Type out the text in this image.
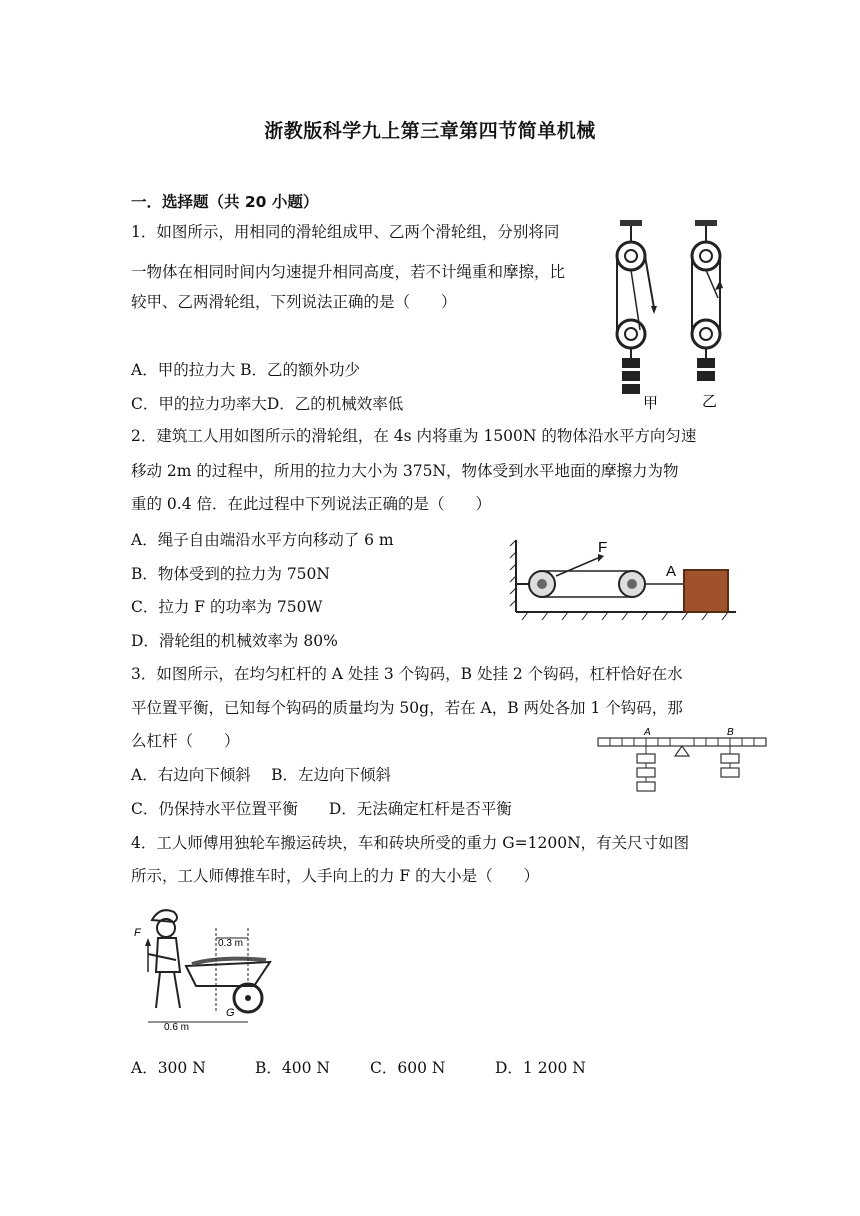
浙教版科学九上第三章第四节简单机械
一．选择题（共 20 小题）
1．如图所示，用相同的滑轮组成甲、乙两个滑轮组，分别将同
一物体在相同时间内匀速提升相同高度，若不计绳重和摩擦，比
较甲、乙两滑轮组，下列说法正确的是（　　）
A．甲的拉力大 B．乙的额外功少
C．甲的拉力功率大D．乙的机械效率低	甲	乙
2．建筑工人用如图所示的滑轮组，在 4s 内将重为 1500N 的物体沿水平方向匀速
移动 2m 的过程中，所用的拉力大小为 375N，物体受到水平地面的摩擦力为物
重的 0.4 倍．在此过程中下列说法正确的是（　　）
A．绳子自由端沿水平方向移动了 6 m
B．物体受到的拉力为 750N
C．拉力 F 的功率为 750W
D．滑轮组的机械效率为 80%
F
A
3．如图所示，在均匀杠杆的 A 处挂 3 个钩码，B 处挂 2 个钩码，杠杆恰好在水
平位置平衡，已知每个钩码的质量均为 50g，若在 A，B 两处各加 1 个钩码，那
么杠杆（　　）
A．右边向下倾斜　 B．左边向下倾斜
C．仍保持水平位置平衡　　D．无法确定杠杆是否平衡
A	B
4．工人师傅用独轮车搬运砖块，车和砖块所受的重力 G=1200N，有关尺寸如图
所示，工人师傅推车时，人手向上的力 F 的大小是（　　）
F
0.3 m
0.6 m
G
A．300 N	B．400 N	C．600 N	D．1 200 N
